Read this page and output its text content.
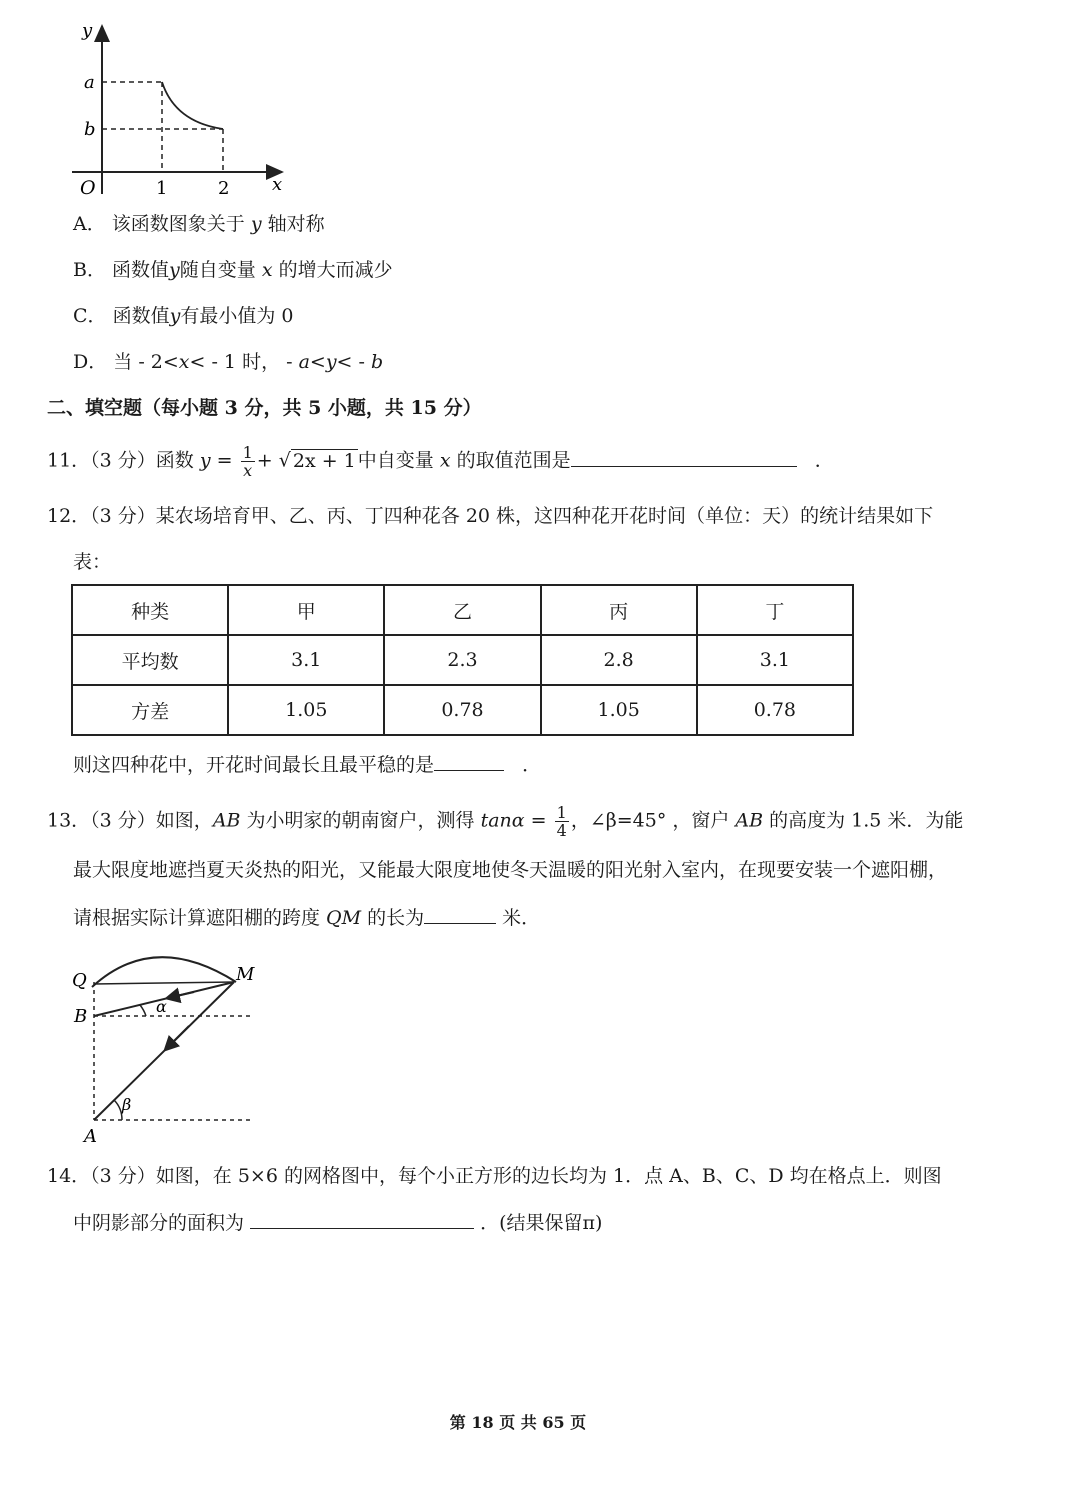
y
x
O
a
b
1	2
A． 该函数图象关于 y 轴对称
B． 函数值y随自变量 x 的增大而减少
C． 函数值y有最小值为 0
D． 当 - 2<x< - 1 时， - a<y< - b
二、填空题（每小题 3 分，共 5 小题，共 15 分）
11．（3 分）函数 $y = \frac{1}{x}$ + √ 2x + 1 中自变量 x 的取值范围是	．
12．（3 分）某农场培育甲、乙、丙、丁四种花各 20 株，这四种花开花时间（单位：天）的统计结果如下
表：
种类	甲	乙	丙	丁
平均数	3.1	2.3	2.8	3.1
方差	1.05	0.78	1.05	0.78
则这四种花中，开花时间最长且最平稳的是	．
13．（3 分）如图，AB 为小明家的朝南窗户，测得 $\tan\alpha = \frac{1}{4}$ ，∠β=45° ，窗户 AB 的高度为 1.5 米．为能
最大限度地遮挡夏天炎热的阳光，又能最大限度地使冬天温暖的阳光射入室内，在现要安装一个遮阳棚，
请根据实际计算遮阳棚的跨度 QM 的长为	米．
Q	M
B
A
α
β
14．（3 分）如图，在 5×6 的网格图中，每个小正方形的边长均为 1．点 A、B、C、D 均在格点上．则图
中阴影部分的面积为	．(结果保留π)
第 18 页 共 65 页
